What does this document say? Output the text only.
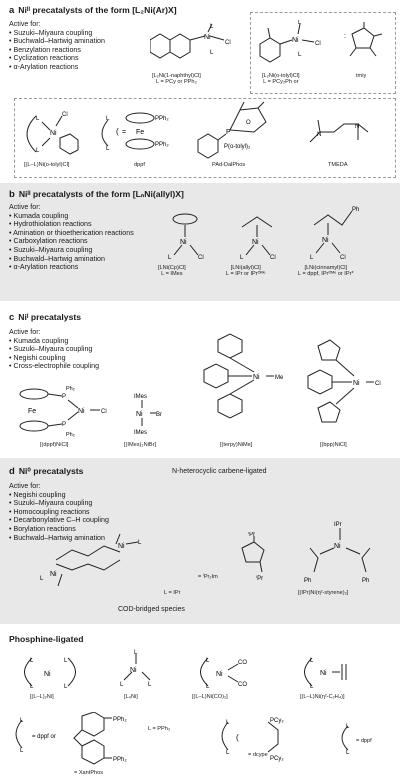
a Niᴵᴵ precatalysts of the form [L₂Ni(Ar)X]
Active for:
• Suzuki–Miyaura coupling
• Buchwald–Hartwig amination
• Benzylation reactions
• Cyclization reactions
• α-Arylation reactions
Ni
L
Cl
L
[L₂Ni(1-naphthyl)Cl]
L = PCy or PPh₃
Ni
L
Cl
L
:
[L₂Ni(o-tolyl)Cl]
L = PCy₂Ph or
tmiy
L
L
Ni
Cl
[(L–L)Ni(o-tolyl)Cl]
L
L
( = Fe
PPh₂
PPh₂
dppf
P
O
P(o-tolyl)₂
PAd-DalPhos
N
N
TMEDA
b Niᴵᴵ precatalysts of the form [LₙNi(allyl)X]
Active for:
• Kumada coupling
• Hydrothiolation reactions
• Amination or thioetherication reactions
• Carboxylation reactions
• Suzuki–Miyaura coupling
• Buchwald–Hartwig amination
• α-Arylation reactions
Ni
L	Cl
[LNi(Cp)Cl]
L = IMes
Ni
L	Cl
[LNi(allyl)Cl]
L = IPr or IPrᴼᴹᵉ
Ph
Ni
L	Cl
[LNi(cinnamyl)Cl]
L = dppf, IPrᴼᴹᵉ or IPr*
c Niᴵ precatalysts
Active for:
• Kumada coupling
• Suzuki–Miyaura coupling
• Negishi coupling
• Cross-electrophile coupling
Fe
P
P
Ph₂
Ph₂
Ni	Cl
[(dppf)NiCl]
IMes
Ni Br
IMes
[(IMes)₂NiBr]
Ni	Me
[(terpy)NiMe]
Ni	Cl
[(bpp)NiCl]
d Ni⁰ precatalysts	N-heterocyclic carbene-ligated
Active for:
• Negishi coupling
• Suzuki–Miyaura coupling
• Homocoupling reactions
• Decarbonylative C–H coupling
• Borylation reactions
• Buchwald–Hartwig amination
Ni L
Ni
L
L = IPr
ⁱPr
ⁱPr
= ⁱPr₂Im
IPr
Ni
Ph	Ph
[(IPr)Ni(η²-styrene)₂]
COD-bridged species
Phosphine-ligated
L
L
Ni
L
L
[(L–L)₂Ni]
L
Ni
L	L
[L₄Ni]
L
L
Ni
CO
CO
[(L–L)Ni(CO)₂]
L
L
Ni
[(L–L)Ni(η²-C₂H₄)]
L
L
= dppf or
PPh₂
PPh₂
= XantPhos
L = PPh₃
L
L
(
PCy₂
PCy₂
= dcype
L
L
= dppf
